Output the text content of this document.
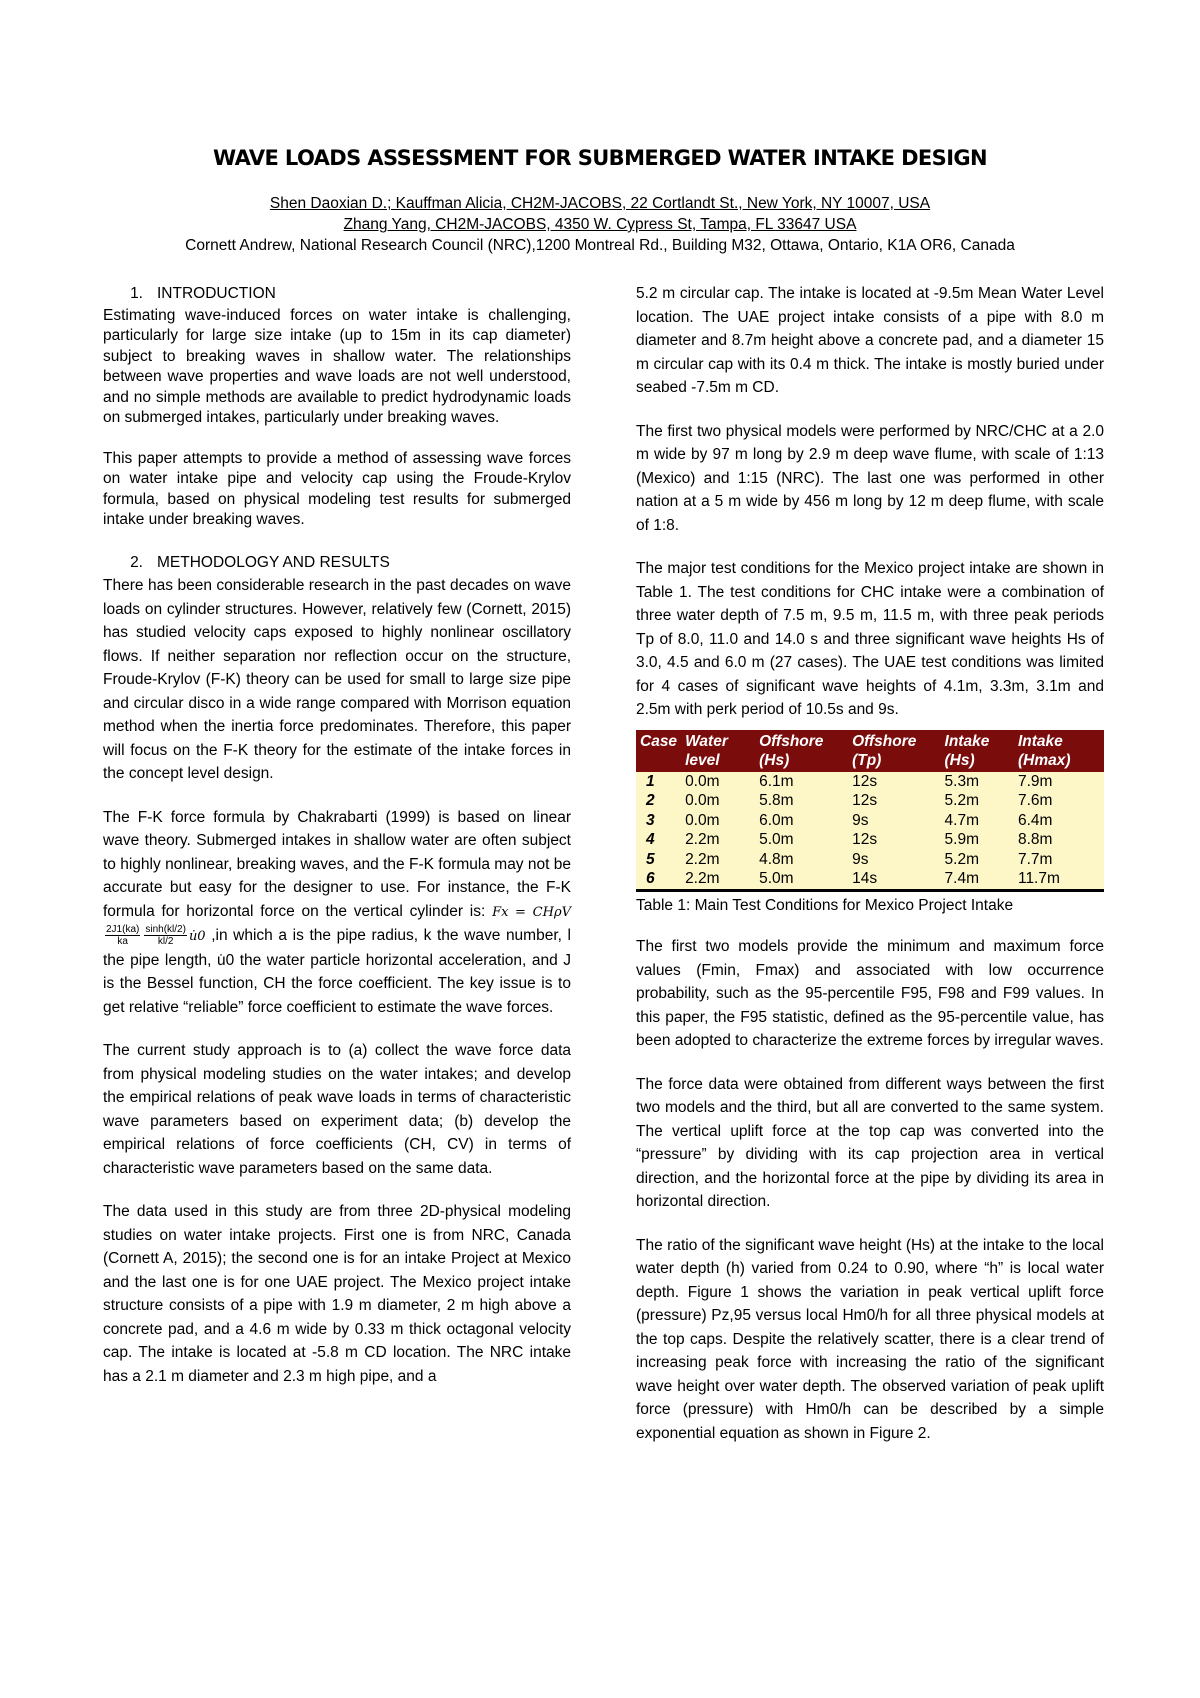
WAVE LOADS ASSESSMENT FOR SUBMERGED WATER INTAKE DESIGN
Shen Daoxian D.; Kauffman Alicia, CH2M-JACOBS, 22 Cortlandt St., New York, NY 10007, USA
Zhang Yang, CH2M-JACOBS, 4350 W. Cypress St, Tampa, FL 33647 USA
Cornett Andrew, National Research Council (NRC),1200 Montreal Rd., Building M32, Ottawa, Ontario, K1A OR6, Canada
1. INTRODUCTION

Estimating wave-induced forces on water intake is challenging, particularly for large size intake (up to 15m in its cap diameter) subject to breaking waves in shallow water. The relationships between wave properties and wave loads are not well understood, and no simple methods are available to predict hydrodynamic loads on submerged intakes, particularly under breaking waves.

This paper attempts to provide a method of assessing wave forces on water intake pipe and velocity cap using the Froude-Krylov formula, based on physical modeling test results for submerged intake under breaking waves.

2. METHODOLOGY AND RESULTS

There has been considerable research in the past decades on wave loads on cylinder structures. However, relatively few (Cornett, 2015) has studied velocity caps exposed to highly nonlinear oscillatory flows. If neither separation nor reflection occur on the structure, Froude-Krylov (F-K) theory can be used for small to large size pipe and circular disco in a wide range compared with Morrison equation method when the inertia force predominates. Therefore, this paper will focus on the F-K theory for the estimate of the intake forces in the concept level design.

The F-K force formula by Chakrabarti (1999) is based on linear wave theory. Submerged intakes in shallow water are often subject to highly nonlinear, breaking waves, and the F-K formula may not be accurate but easy for the designer to use. For instance, the F-K formula for horizontal force on the vertical cylinder is: Fx = CHρV
$\frac{2J1(ka)}{ka} \frac{\sinh(kl/2)}{kl/2}$ u̇0 ,in which a is the pipe radius, k the wave number, l the pipe length, u̇0 the water particle horizontal acceleration, and J is the Bessel function, CH the force coefficient. The key issue is to get relative “reliable” force coefficient to estimate the wave forces.

The current study approach is to (a) collect the wave force data from physical modeling studies on the water intakes; and develop the empirical relations of peak wave loads in terms of characteristic wave parameters based on experiment data; (b) develop the empirical relations of force coefficients (CH, CV) in terms of characteristic wave parameters based on the same data.

The data used in this study are from three 2D-physical modeling studies on water intake projects. First one is from NRC, Canada (Cornett A, 2015); the second one is for an intake Project at Mexico and the last one is for one UAE project. The Mexico project intake structure consists of a pipe with 1.9 m diameter, 2 m high above a concrete pad, and a 4.6 m wide by 0.33 m thick octagonal velocity cap. The intake is located at -5.8 m CD location. The NRC intake has a 2.1 m diameter and 2.3 m high pipe, and a

5.2 m circular cap. The intake is located at -9.5m Mean Water Level location. The UAE project intake consists of a pipe with 8.0 m diameter and 8.7m height above a concrete pad, and a diameter 15 m circular cap with its 0.4 m thick. The intake is mostly buried under seabed -7.5m m CD.

The first two physical models were performed by NRC/CHC at a 2.0 m wide by 97 m long by 2.9 m deep wave flume, with scale of 1:13 (Mexico) and 1:15 (NRC). The last one was performed in other nation at a 5 m wide by 456 m long by 12 m deep flume, with scale of 1:8.

The major test conditions for the Mexico project intake are shown in Table 1. The test conditions for CHC intake were a combination of three water depth of 7.5 m, 9.5 m, 11.5 m, with three peak periods Tp of 8.0, 11.0 and 14.0 s and three significant wave heights Hs of 3.0, 4.5 and 6.0 m (27 cases). The UAE test conditions was limited for 4 cases of significant wave heights of 4.1m, 3.3m, 3.1m and 2.5m with perk period of 10.5s and 9s.

Case	Water level	Offshore (Hs)	Offshore (Tp)	Intake (Hs)	Intake (Hmax)
1	0.0m	6.1m	12s	5.3m	7.9m
2	0.0m	5.8m	12s	5.2m	7.6m
3	0.0m	6.0m	9s	4.7m	6.4m
4	2.2m	5.0m	12s	5.9m	8.8m
5	2.2m	4.8m	9s	5.2m	7.7m
6	2.2m	5.0m	14s	7.4m	11.7m
Table 1: Main Test Conditions for Mexico Project Intake

The first two models provide the minimum and maximum force values (Fmin, Fmax) and associated with low occurrence probability, such as the 95-percentile F95, F98 and F99 values. In this paper, the F95 statistic, defined as the 95-percentile value, has been adopted to characterize the extreme forces by irregular waves.

The force data were obtained from different ways between the first two models and the third, but all are converted to the same system. The vertical uplift force at the top cap was converted into the “pressure” by dividing with its cap projection area in vertical direction, and the horizontal force at the pipe by dividing its area in horizontal direction.

The ratio of the significant wave height (Hs) at the intake to the local water depth (h) varied from 0.24 to 0.90, where “h” is local water depth. Figure 1 shows the variation in peak vertical uplift force (pressure) Pz,95 versus local Hm0/h for all three physical models at the top caps. Despite the relatively scatter, there is a clear trend of increasing peak force with increasing the ratio of the significant wave height over water depth. The observed variation of peak uplift force (pressure) with Hm0/h can be described by a simple exponential equation as shown in Figure 2.
